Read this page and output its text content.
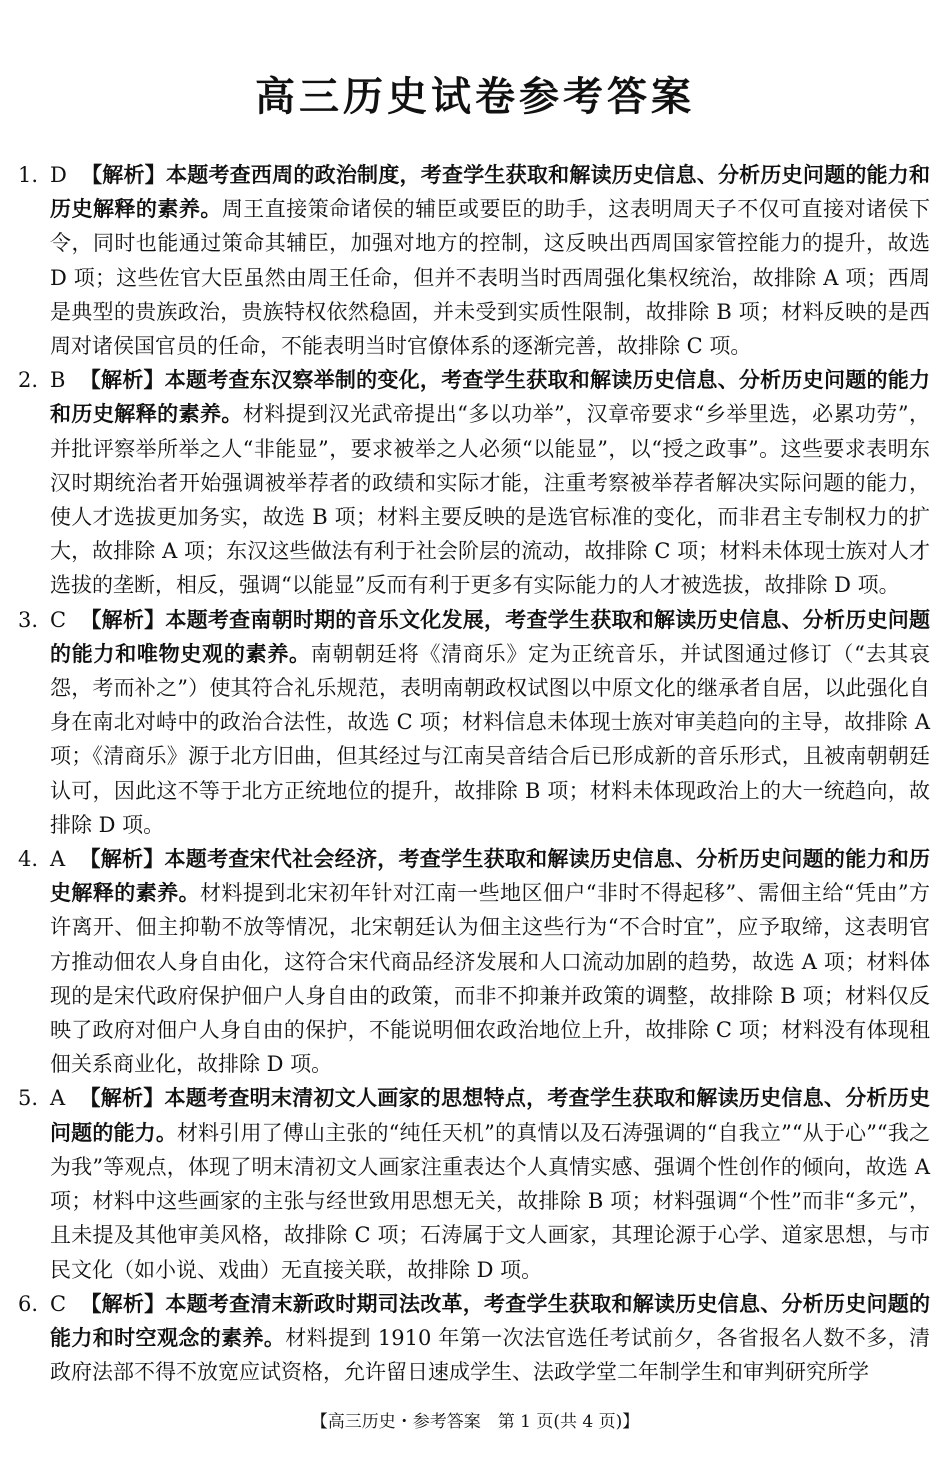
高三历史试卷参考答案

1. D 【解析】本题考查西周的政治制度，考查学生获取和解读历史信息、分析历史问题的能力和历史解释的素养。周王直接策命诸侯的辅臣或要臣的助手，这表明周天子不仅可直接对诸侯下令，同时也能通过策命其辅臣，加强对地方的控制，这反映出西周国家管控能力的提升，故选 D 项；这些佐官大臣虽然由周王任命，但并不表明当时西周强化集权统治，故排除 A 项；西周是典型的贵族政治，贵族特权依然稳固，并未受到实质性限制，故排除 B 项；材料反映的是西周对诸侯国官员的任命，不能表明当时官僚体系的逐渐完善，故排除 C 项。

2. B 【解析】本题考查东汉察举制的变化，考查学生获取和解读历史信息、分析历史问题的能力和历史解释的素养。材料提到汉光武帝提出“多以功举”，汉章帝要求“乡举里选，必累功劳”，并批评察举所举之人“非能显”，要求被举之人必须“以能显”，以“授之政事”。这些要求表明东汉时期统治者开始强调被举荐者的政绩和实际才能，注重考察被举荐者解决实际问题的能力，使人才选拔更加务实，故选 B 项；材料主要反映的是选官标准的变化，而非君主专制权力的扩大，故排除 A 项；东汉这些做法有利于社会阶层的流动，故排除 C 项；材料未体现士族对人才选拔的垄断，相反，强调“以能显”反而有利于更多有实际能力的人才被选拔，故排除 D 项。

3. C 【解析】本题考查南朝时期的音乐文化发展，考查学生获取和解读历史信息、分析历史问题的能力和唯物史观的素养。南朝朝廷将《清商乐》定为正统音乐，并试图通过修订（“去其哀怨，考而补之”）使其符合礼乐规范，表明南朝政权试图以中原文化的继承者自居，以此强化自身在南北对峙中的政治合法性，故选 C 项；材料信息未体现士族对审美趋向的主导，故排除 A 项；《清商乐》源于北方旧曲，但其经过与江南吴音结合后已形成新的音乐形式，且被南朝朝廷认可，因此这不等于北方正统地位的提升，故排除 B 项；材料未体现政治上的大一统趋向，故排除 D 项。

4. A 【解析】本题考查宋代社会经济，考查学生获取和解读历史信息、分析历史问题的能力和历史解释的素养。材料提到北宋初年针对江南一些地区佃户“非时不得起移”、需佃主给“凭由”方许离开、佃主抑勒不放等情况，北宋朝廷认为佃主这些行为“不合时宜”，应予取缔，这表明官方推动佃农人身自由化，这符合宋代商品经济发展和人口流动加剧的趋势，故选 A 项；材料体现的是宋代政府保护佃户人身自由的政策，而非不抑兼并政策的调整，故排除 B 项；材料仅反映了政府对佃户人身自由的保护，不能说明佃农政治地位上升，故排除 C 项；材料没有体现租佃关系商业化，故排除 D 项。

5. A 【解析】本题考查明末清初文人画家的思想特点，考查学生获取和解读历史信息、分析历史问题的能力。材料引用了傅山主张的“纯任天机”的真情以及石涛强调的“自我立”“从于心”“我之为我”等观点，体现了明末清初文人画家注重表达个人真情实感、强调个性创作的倾向，故选 A 项；材料中这些画家的主张与经世致用思想无关，故排除 B 项；材料强调“个性”而非“多元”，且未提及其他审美风格，故排除 C 项；石涛属于文人画家，其理论源于心学、道家思想，与市民文化（如小说、戏曲）无直接关联，故排除 D 项。

6. C 【解析】本题考查清末新政时期司法改革，考查学生获取和解读历史信息、分析历史问题的能力和时空观念的素养。材料提到 1910 年第一次法官选任考试前夕，各省报名人数不多，清政府法部不得不放宽应试资格，允许留日速成学生、法政学堂二年制学生和审判研究所学

【高三历史・参考答案　第 1 页(共 4 页)】
